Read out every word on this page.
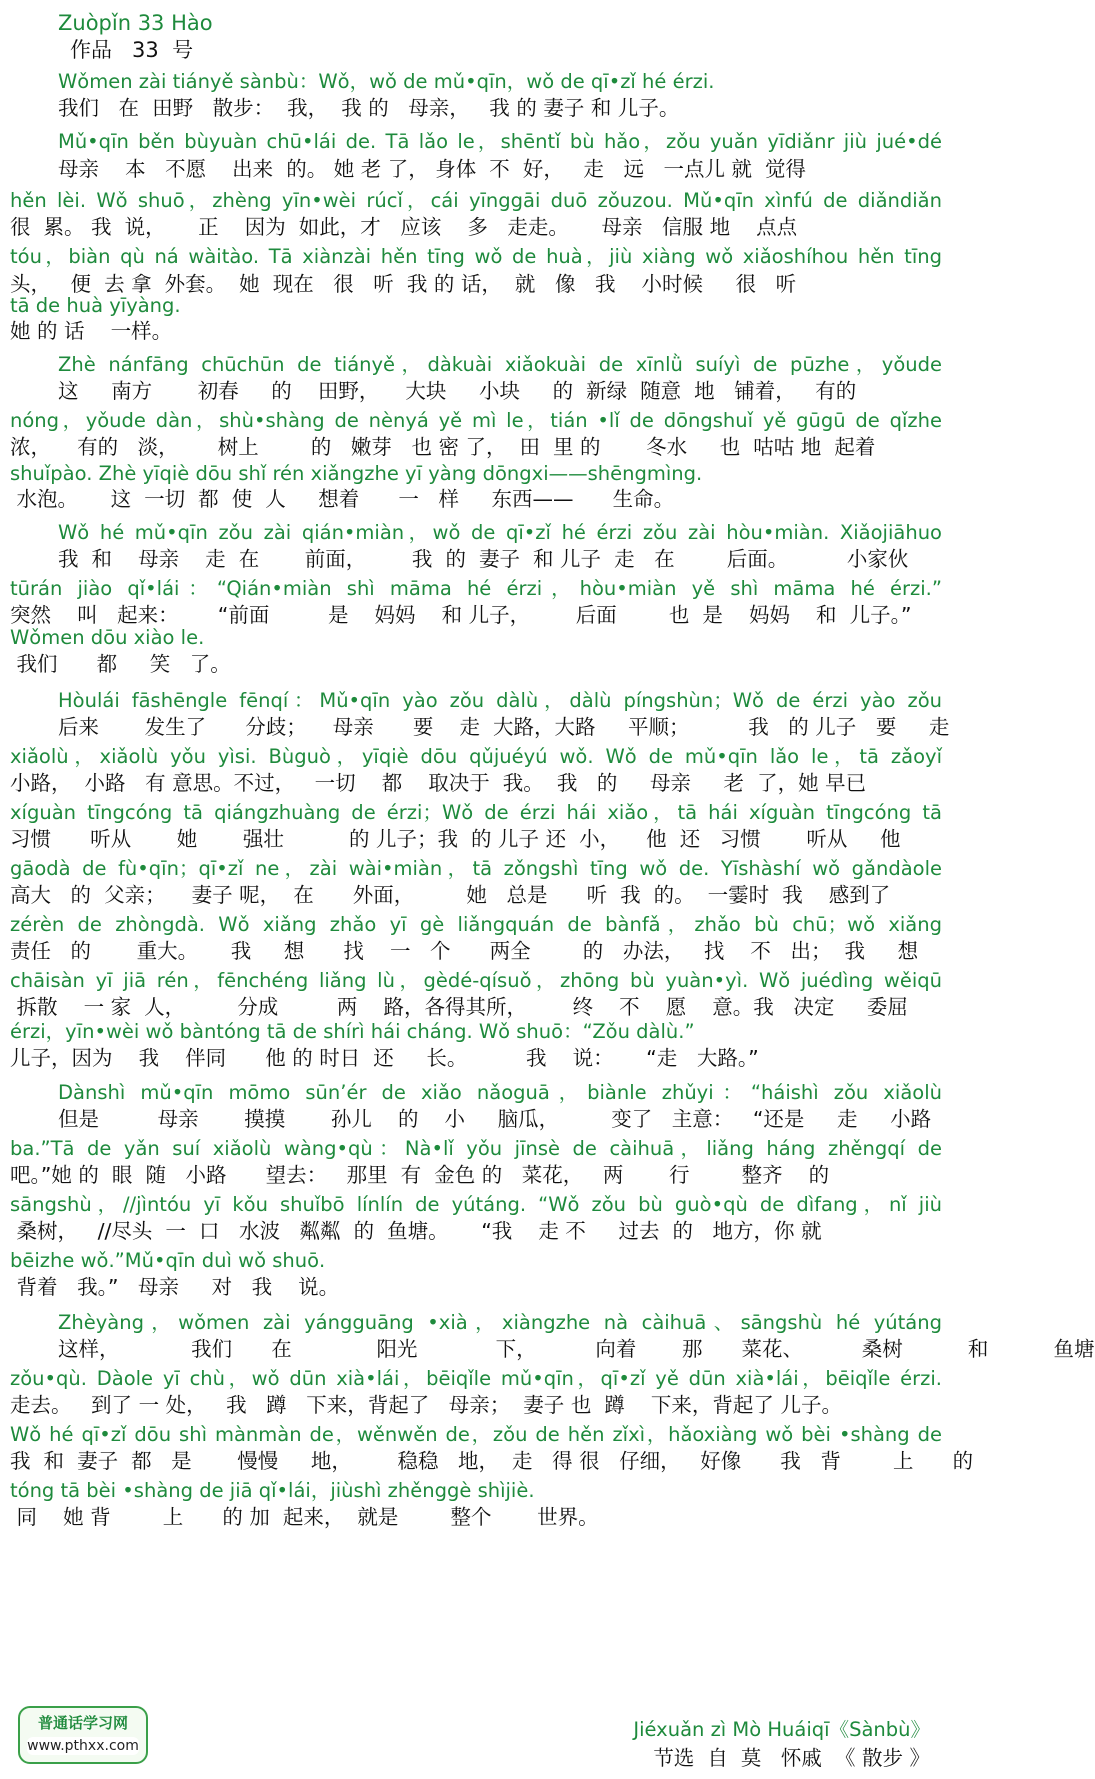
Zuòpǐn 33 Hào
作品   33  号
Wǒmen zài tiányě sànbù：Wǒ，wǒ de mǔ•qīn，wǒ de qī•zǐ hé érzi.
我们   在  田野   散步：  我，  我 的   母亲，   我 的 妻子 和 儿子。
Mǔ•qīn běn bùyuàn chū•lái de. Tā lǎo le，shēntǐ bù hǎo，zǒu yuǎn yīdiǎnr jiù jué•dé
母亲    本   不愿    出来  的。 她 老 了， 身体  不  好，   走   远   一点儿 就  觉得
hěn lèi. Wǒ shuō，zhèng yīn•wèi rúcǐ，cái yīnggāi duō zǒuzou. Mǔ•qīn xìnfú de diǎndiǎn
很  累。 我  说，     正    因为  如此，才   应该    多   走走。     母亲   信服 地    点点
tóu，biàn qù ná wàitào. Tā xiànzài hěn tīng wǒ de huà，jiù xiàng wǒ xiǎoshíhou hěn tīng
头，   便  去 拿  外套。  她  现在   很   听  我 的 话，  就   像   我    小时候     很   听
tā de huà yīyàng.
她 的 话    一样。
Zhè nánfāng chūchūn de tiányě，dàkuài xiǎokuài de xīnlǜ suíyì de pūzhe，yǒude
这     南方       初春     的    田野，    大块     小块     的  新绿  随意  地   铺着，   有的
nóng，yǒude dàn，shù•shàng de nènyá yě mì le，tián •lǐ de dōngshuǐ yě gūgū de qǐzhe
浓，    有的   淡，      树上        的   嫩芽   也 密 了，  田  里 的       冬水     也  咕咕 地  起着
shuǐpào. Zhè yīqiè dōu shǐ rén xiǎngzhe yī yàng dōngxi——shēngmìng.
水泡。     这  一切  都  使  人     想着      一   样     东西——      生命。
Wǒ hé mǔ•qīn zǒu zài qián•miàn，wǒ de qī•zǐ hé érzi zǒu zài hòu•miàn. Xiǎojiāhuo
我  和    母亲    走  在       前面，       我  的  妻子  和 儿子  走   在        后面。         小家伙
tūrán jiào qǐ•lái：“Qián•miàn shì māma hé érzi，hòu•miàn yě shì māma hé érzi.”
突然    叫   起来：      “前面         是    妈妈    和 儿子，       后面        也  是    妈妈    和  儿子。”
Wǒmen dōu xiào le.
我们      都     笑   了。
Hòulái fāshēngle fēnqí：Mǔ•qīn yào zǒu dàlù，dàlù píngshùn；Wǒ de érzi yào zǒu
后来       发生了      分歧；    母亲      要    走  大路，大路     平顺；         我   的 儿子   要     走
xiǎolù，xiǎolù yǒu yìsi. Bùguò，yīqiè dōu qǔjuéyú wǒ. Wǒ de mǔ•qīn lǎo le，tā zǎoyǐ
小路，  小路   有 意思。不过，   一切    都    取决于  我。  我   的     母亲     老  了，她 早已
xíguàn tīngcóng tā qiángzhuàng de érzi；Wǒ de érzi hái xiǎo，tā hái xíguàn tīngcóng tā
习惯      听从       她       强壮          的 儿子；我  的 儿子 还  小，    他  还   习惯       听从     他
gāodà de fù•qīn；qī•zǐ ne，zài wài•miàn，tā zǒngshì tīng wǒ de. Yīshàshí wǒ gǎndàole
高大   的  父亲；    妻子 呢，  在      外面，        她   总是      听  我  的。  一霎时  我    感到了
zérèn de zhòngdà. Wǒ xiǎng zhǎo yī gè liǎngquán de bànfǎ，zhǎo bù chū；wǒ xiǎng
责任   的       重大。     我     想      找    一   个      两全        的   办法，   找    不   出；  我     想
chāisàn yī jiā rén，fēnchéng liǎng lù，gèdé-qísuǒ，zhōng bù yuàn•yì. Wǒ juédìng wěiqū
拆散    一 家  人，        分成         两    路，各得其所，       终    不    愿    意。我   决定     委屈
érzi，yīn•wèi wǒ bàntóng tā de shírì hái cháng. Wǒ shuō：“Zǒu dàlù.”
儿子，因为    我    伴同      他 的 时日  还     长。         我    说：     “走   大路。”
Dànshì mǔ•qīn mōmo sūn’ér de xiǎo nǎoguā，biànle zhǔyi：“háishì zǒu xiǎolù
但是         母亲       摸摸       孙儿    的    小     脑瓜，        变了   主意：   “还是     走     小路
ba.”Tā de yǎn suí xiǎolù wàng•qù：Nà•lǐ yǒu jīnsè de càihuā，liǎng háng zhěngqí de
吧。”她 的  眼  随   小路      望去：   那里  有  金色 的   菜花，   两       行        整齐    的
sāngshù，//jìntóu yī kǒu shuǐbō línlín de yútáng. “Wǒ zǒu bù guò•qù de dìfang，nǐ jiù
桑树，   //尽头  一  口   水波   粼粼  的  鱼塘。     “我    走 不     过去  的   地方，你 就
bēizhe wǒ.”Mǔ•qīn duì wǒ shuō.
背着   我。”   母亲     对   我    说。
Zhèyàng，wǒmen zài yángguāng •xià，xiàngzhe nà càihuā、sāngshù hé yútáng
这样，           我们      在             阳光            下，         向着       那      菜花、         桑树          和          鱼塘
zǒu•qù. Dàole yī chù，wǒ dūn xià•lái，bēiqǐle mǔ•qīn，qī•zǐ yě dūn xià•lái，bēiqǐle érzi.
走去。   到了 一 处，   我   蹲   下来，背起了   母亲；  妻子 也  蹲    下来，背起了 儿子。
Wǒ hé qī•zǐ dōu shì mànmàn de，wěnwěn de，zǒu de hěn zǐxì，hǎoxiàng wǒ bèi •shàng de
我  和  妻子  都   是       慢慢     地，       稳稳   地，  走   得 很   仔细，   好像      我   背        上      的
tóng tā bèi •shàng de jiā qǐ•lái，jiùshì zhěnggè shìjiè.
同    她 背        上      的 加  起来，  就是        整个       世界。
普通话学习网
www.pthxx.com
Jiéxuǎn zì Mò Huáiqī《Sànbù》
节选  自  莫   怀戚  《 散步 》
